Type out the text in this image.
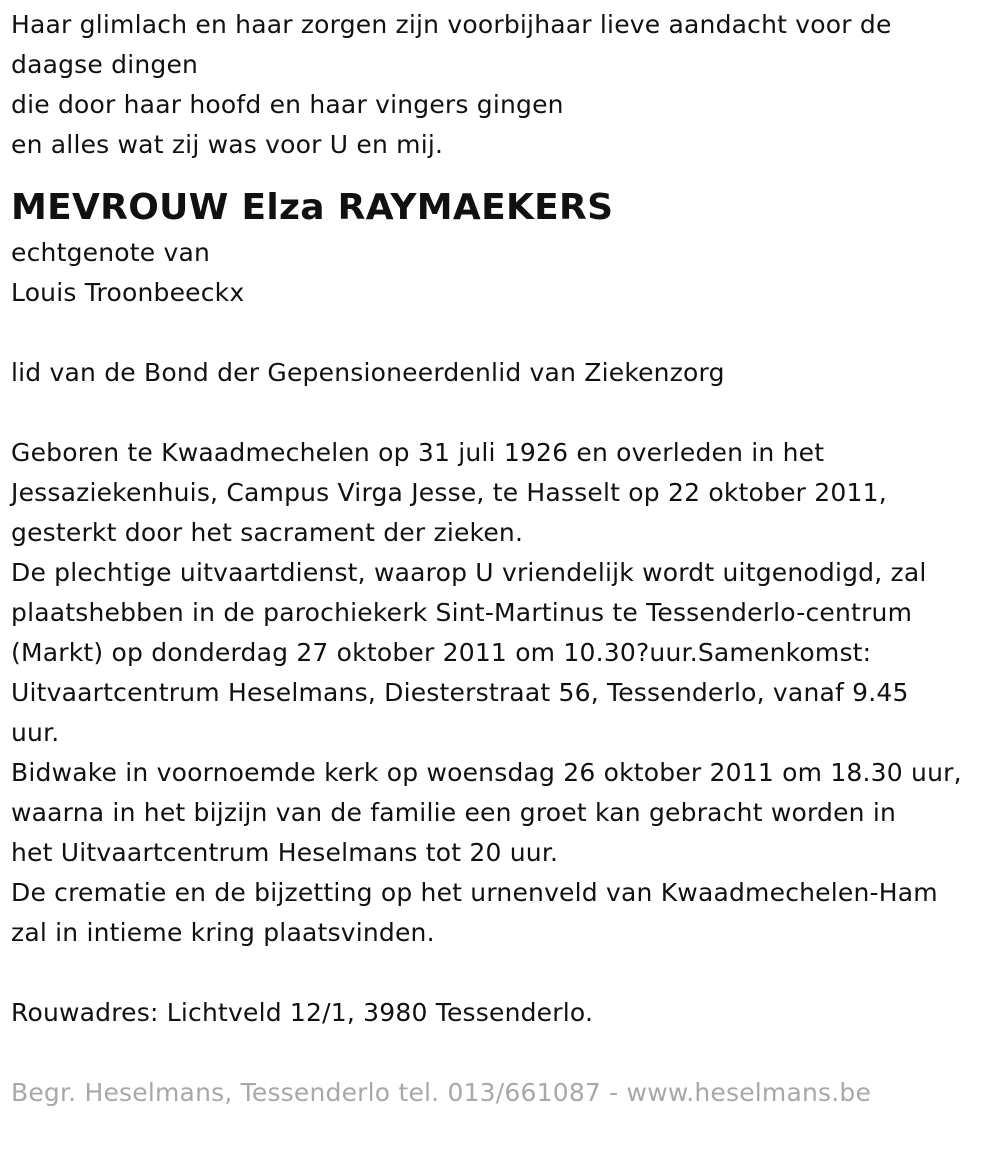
Haar glimlach en haar zorgen zijn voorbijhaar lieve aandacht voor de
daagse dingen
die door haar hoofd en haar vingers gingen
en alles wat zij was voor U en mij.
MEVROUW Elza RAYMAEKERS
echtgenote van
Louis Troonbeeckx
lid van de Bond der Gepensioneerdenlid van Ziekenzorg
Geboren te Kwaadmechelen op 31 juli 1926 en overleden in het
Jessaziekenhuis, Campus Virga Jesse, te Hasselt op 22 oktober 2011,
gesterkt door het sacrament der zieken.
De plechtige uitvaartdienst, waarop U vriendelijk wordt uitgenodigd, zal
plaatshebben in de parochiekerk Sint-Martinus te Tessenderlo-centrum
(Markt) op donderdag 27 oktober 2011 om 10.30?uur.Samenkomst:
Uitvaartcentrum Heselmans, Diesterstraat 56, Tessenderlo, vanaf 9.45
uur.
Bidwake in voornoemde kerk op woensdag 26 oktober 2011 om 18.30 uur,
waarna in het bijzijn van de familie een groet kan gebracht worden in
het Uitvaartcentrum Heselmans tot 20 uur.
De crematie en de bijzetting op het urnenveld van Kwaadmechelen-Ham
zal in intieme kring plaatsvinden.
Rouwadres: Lichtveld 12/1, 3980 Tessenderlo.
Begr. Heselmans, Tessenderlo tel. 013/661087 - www.heselmans.be
